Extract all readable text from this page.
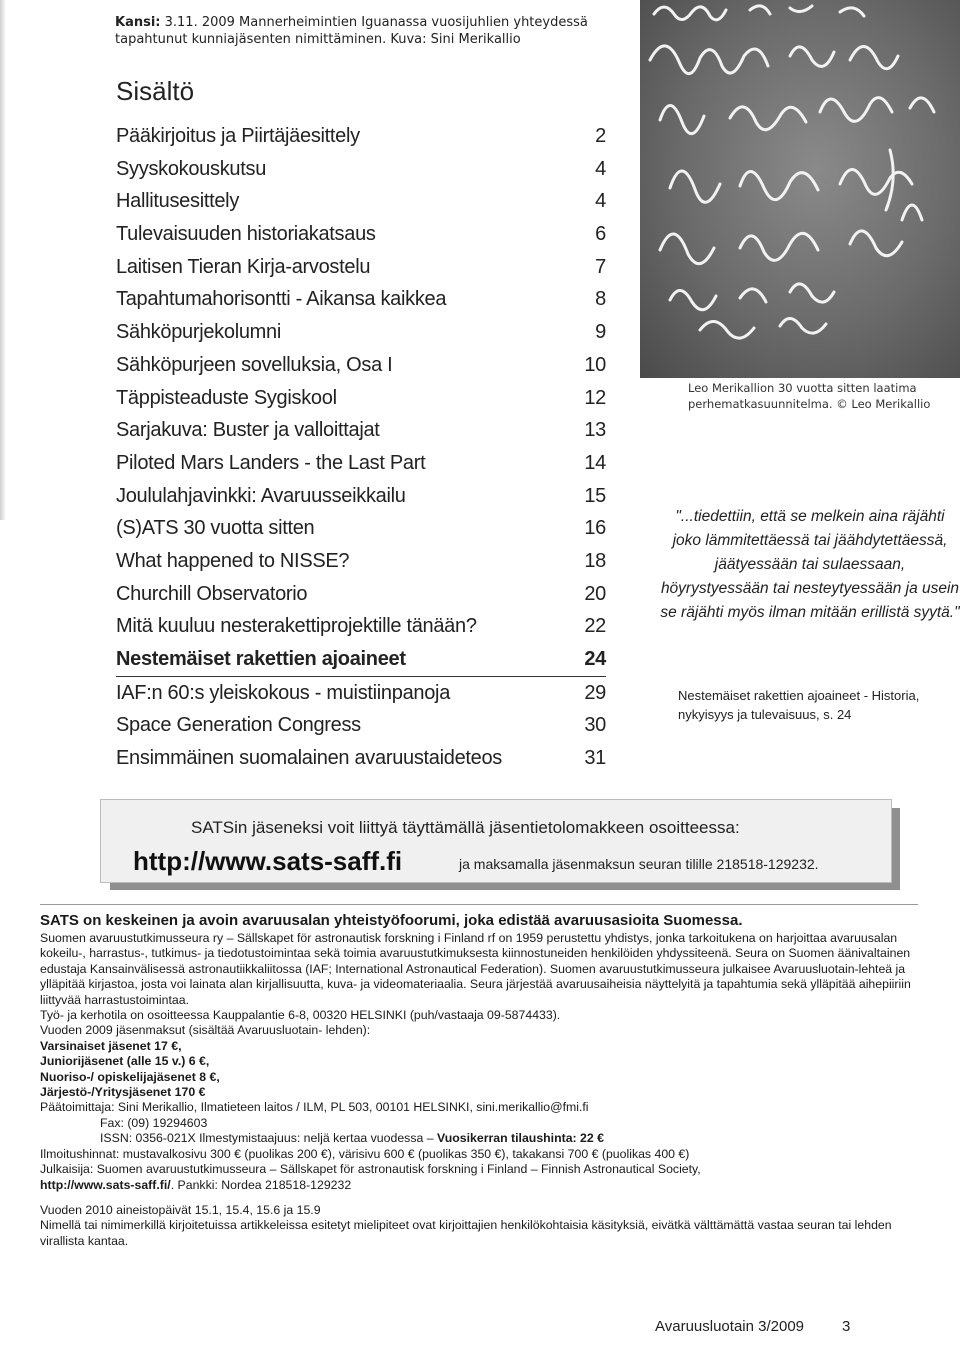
Kansi: 3.11. 2009 Mannerheimintien Iguanassa vuosijuhlien yhteydessä tapahtunut kunniajäsenten nimittäminen. Kuva: Sini Merikallio
Sisältö
Pääkirjoitus ja Piirtäjäesittely	2
Syyskokouskutsu	4
Hallitusesittely	4
Tulevaisuuden historiakatsaus	6
Laitisen Tieran Kirja-arvostelu	7
Tapahtumahorisontti - Aikansa kaikkea	8
Sähköpurjekolumni	9
Sähköpurjeen sovelluksia, Osa I	10
Täppisteaduste Sygiskool	12
Sarjakuva: Buster ja valloittajat	13
Piloted Mars Landers - the Last Part	14
Joululahjavinkki: Avaruusseikkailu	15
(S)ATS 30 vuotta sitten	16
What happened to NISSE?	18
Churchill Observatorio	20
Mitä kuuluu nesterakettiprojektille tänään?	22
Nestemäiset rakettien ajoaineet	24
IAF:n 60:s yleiskokous - muistiinpanoja	29
Space Generation Congress	30
Ensimmäinen suomalainen avaruustaideteos	31
Leo Merikallion 30 vuotta sitten laatima perhematkasuunnitelma. © Leo Merikallio
"...tiedettiin, että se melkein aina räjähti joko lämmitettäessä tai jäähdytettäessä, jäätyessään tai sulaessaan, höyrystyessään tai nesteytyessään ja usein se räjähti myös ilman mitään erillistä syytä."
Nestemäiset rakettien ajoaineet - Historia, nykyisyys ja tulevaisuus, s. 24
SATSin jäseneksi voit liittyä täyttämällä jäsentietolomakkeen osoitteessa:
http://www.sats-saff.fi	ja maksamalla jäsenmaksun seuran tilille 218518-129232.

SATS on keskeinen ja avoin avaruusalan yhteistyöfoorumi, joka edistää avaruusasioita Suomessa.

Suomen avaruustutkimusseura ry – Sällskapet för astronautisk forskning i Finland rf on 1959 perustettu yhdistys, jonka tarkoitukena on harjoittaa avaruusalan kokeilu-, harrastus-, tutkimus- ja tiedotustoimintaa sekä toimia avaruustutkimuksesta kiinnostuneiden henkilöiden yhdyssiteenä. Seura on Suomen äänivaltainen edustaja Kansainvälisessä astronautiikkaliitossa (IAF; International Astronautical Federation). Suomen avaruustutkimusseura julkaisee Avaruusluotain-lehteä ja ylläpitää kirjastoa, josta voi lainata alan kirjallisuutta, kuva- ja videomateriaalia. Seura järjestää avaruusaiheisia näyttelyitä ja tapahtumia sekä ylläpitää aihepiiriin liittyvää harrastustoimintaa.

Työ- ja kerhotila on osoitteessa Kauppalantie 6-8, 00320 HELSINKI (puh/vastaaja 09-5874433).

Vuoden 2009 jäsenmaksut (sisältää Avaruusluotain- lehden):

Varsinaiset jäsenet 17 €,

Juniorijäsenet (alle 15 v.) 6 €,

Nuoriso-/ opiskelijajäsenet 8 €,

Järjestö-/Yritysjäsenet 170 €

Päätoimittaja: Sini Merikallio, Ilmatieteen laitos / ILM, PL 503, 00101 HELSINKI, sini.merikallio@fmi.fi

Fax: (09) 19294603

ISSN: 0356-021X Ilmestymistaajuus: neljä kertaa vuodessa – Vuosikerran tilaushinta: 22 €

Ilmoitushinnat: mustavalkosivu 300 € (puolikas 200 €), värisivu 600 € (puolikas 350 €), takakansi 700 € (puolikas 400 €)

Julkaisija: Suomen avaruustutkimusseura – Sällskapet för astronautisk forskning i Finland – Finnish Astronautical Society,

http://www.sats-saff.fi/. Pankki: Nordea 218518-129232

Vuoden 2010 aineistopäivät 15.1, 15.4, 15.6 ja 15.9

Nimellä tai nimimerkillä kirjoitetuissa artikkeleissa esitetyt mielipiteet ovat kirjoittajien henkilökohtaisia käsityksiä, eivätkä välttämättä vastaa seuran tai lehden virallista kantaa.

Avaruusluotain 3/2009	3
